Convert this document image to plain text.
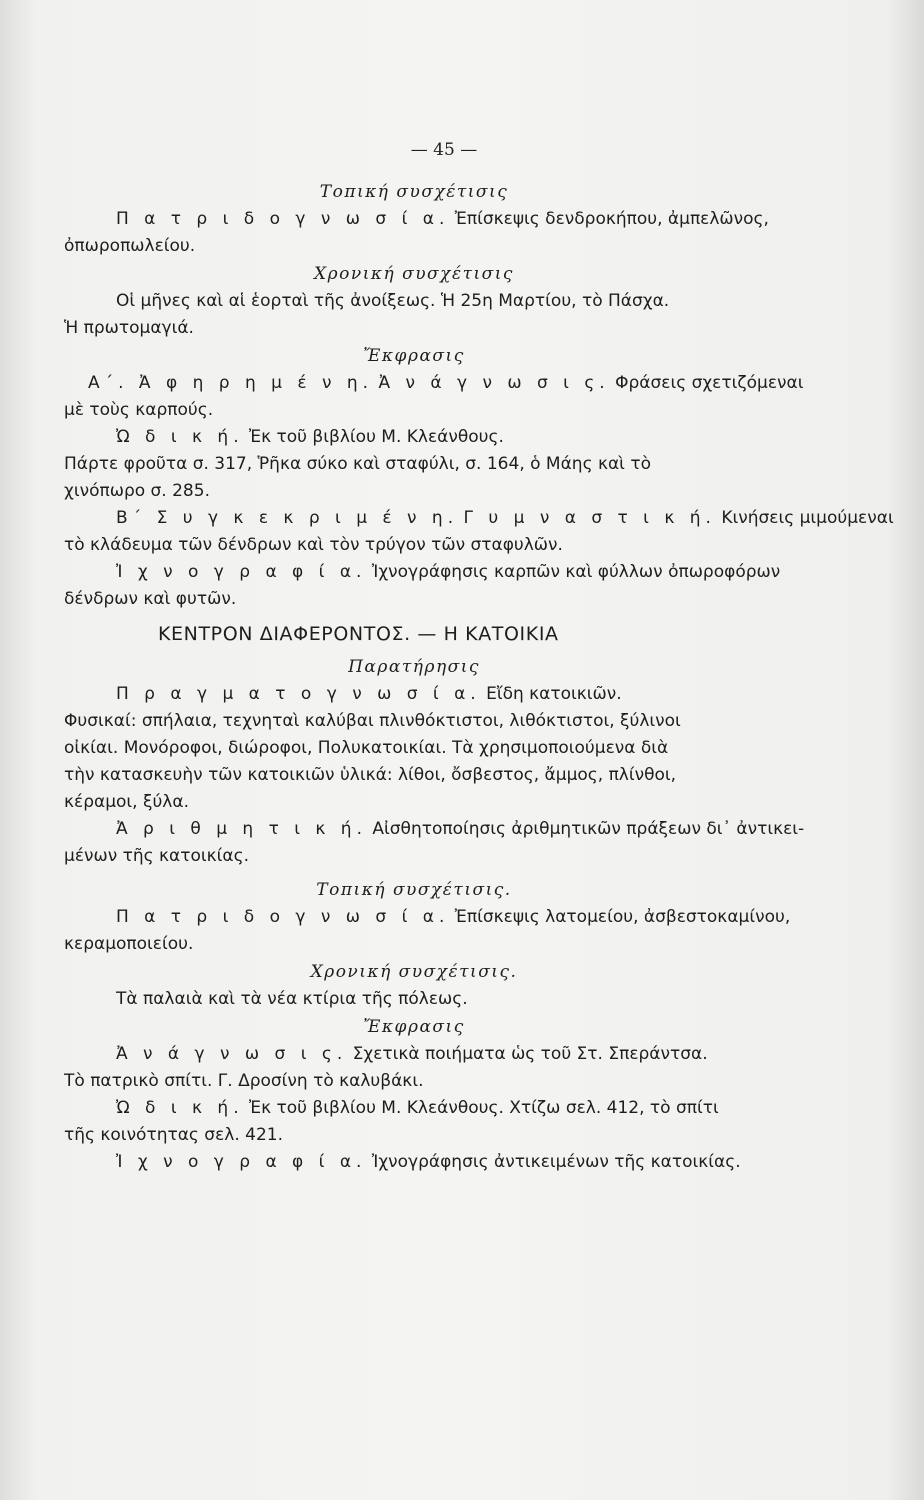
— 45 —
Τοπική συσχέτισις
Π α τ ρ ι δ ο γ ν ω σ ί α. Ἐπίσκεψις δενδροκήπου, ἀμπελῶνος,
ὀπωροπωλείου.
Χρονική συσχέτισις
Οἱ μῆνες καὶ αἱ ἑορταὶ τῆς ἀνοίξεως. Ἡ 25η Μαρτίου, τὸ Πάσχα.
Ἡ πρωτομαγιά.
Ἔκφρασις
Α΄. Ἀ φ η ρ η μ έ ν η. Ἀ ν ά γ ν ω σ ι ς. Φράσεις σχετιζόμεναι
μὲ τοὺς καρπούς.
Ὠ δ ι κ ή. Ἐκ τοῦ βιβλίου Μ. Κλεάνθους.
Πάρτε φροῦτα σ. 317, Ῥῆκα σύκο καὶ σταφύλι, σ. 164, ὁ Μάης καὶ τὸ
χινόπωρο σ. 285.
Β΄ Σ υ γ κ ε κ ρ ι μ έ ν η. Γ υ μ ν α σ τ ι κ ή. Κινήσεις μιμούμεναι
τὸ κλάδευμα τῶν δένδρων καὶ τὸν τρύγον τῶν σταφυλῶν.
Ἰ χ ν ο γ ρ α φ ί α. Ἰχνογράφησις καρπῶν καὶ φύλλων ὀπωροφόρων
δένδρων καὶ φυτῶν.
ΚΕΝΤΡΟΝ ΔΙΑΦΕΡΟΝΤΟΣ. — Η ΚΑΤΟΙΚΙΑ
Παρατήρησις
Π ρ α γ μ α τ ο γ ν ω σ ί α. Εἴδη κατοικιῶν.
Φυσικαί: σπήλαια, τεχνηταὶ καλύβαι πλινθόκτιστοι, λιθόκτιστοι, ξύλινοι
οἰκίαι. Μονόροφοι, διώροφοι, Πολυκατοικίαι. Τὰ χρησιμοποιούμενα διὰ
τὴν κατασκευὴν τῶν κατοικιῶν ὑλικά: λίθοι, ὄσβεστος, ἄμμος, πλίνθοι,
κέραμοι, ξύλα.
Ἀ ρ ι θ μ η τ ι κ ή. Αἰσθητοποίησις ἀριθμητικῶν πράξεων δι᾽ ἀντικει-
μένων τῆς κατοικίας.
Τοπική συσχέτισις.
Π α τ ρ ι δ ο γ ν ω σ ί α. Ἐπίσκεψις λατομείου, ἀσβεστοκαμίνου,
κεραμοποιείου.
Χρονική συσχέτισις.
Τὰ παλαιὰ καὶ τὰ νέα κτίρια τῆς πόλεως.
Ἔκφρασις
Ἀ ν ά γ ν ω σ ι ς. Σχετικὰ ποιήματα ὡς τοῦ Στ. Σπεράντσα.
Τὸ πατρικὸ σπίτι. Γ. Δροσίνη τὸ καλυβάκι.
Ὠ δ ι κ ή. Ἐκ τοῦ βιβλίου Μ. Κλεάνθους. Χτίζω σελ. 412, τὸ σπίτι
τῆς κοινότητας σελ. 421.
Ἰ χ ν ο γ ρ α φ ί α. Ἰχνογράφησις ἀντικειμένων τῆς κατοικίας.
